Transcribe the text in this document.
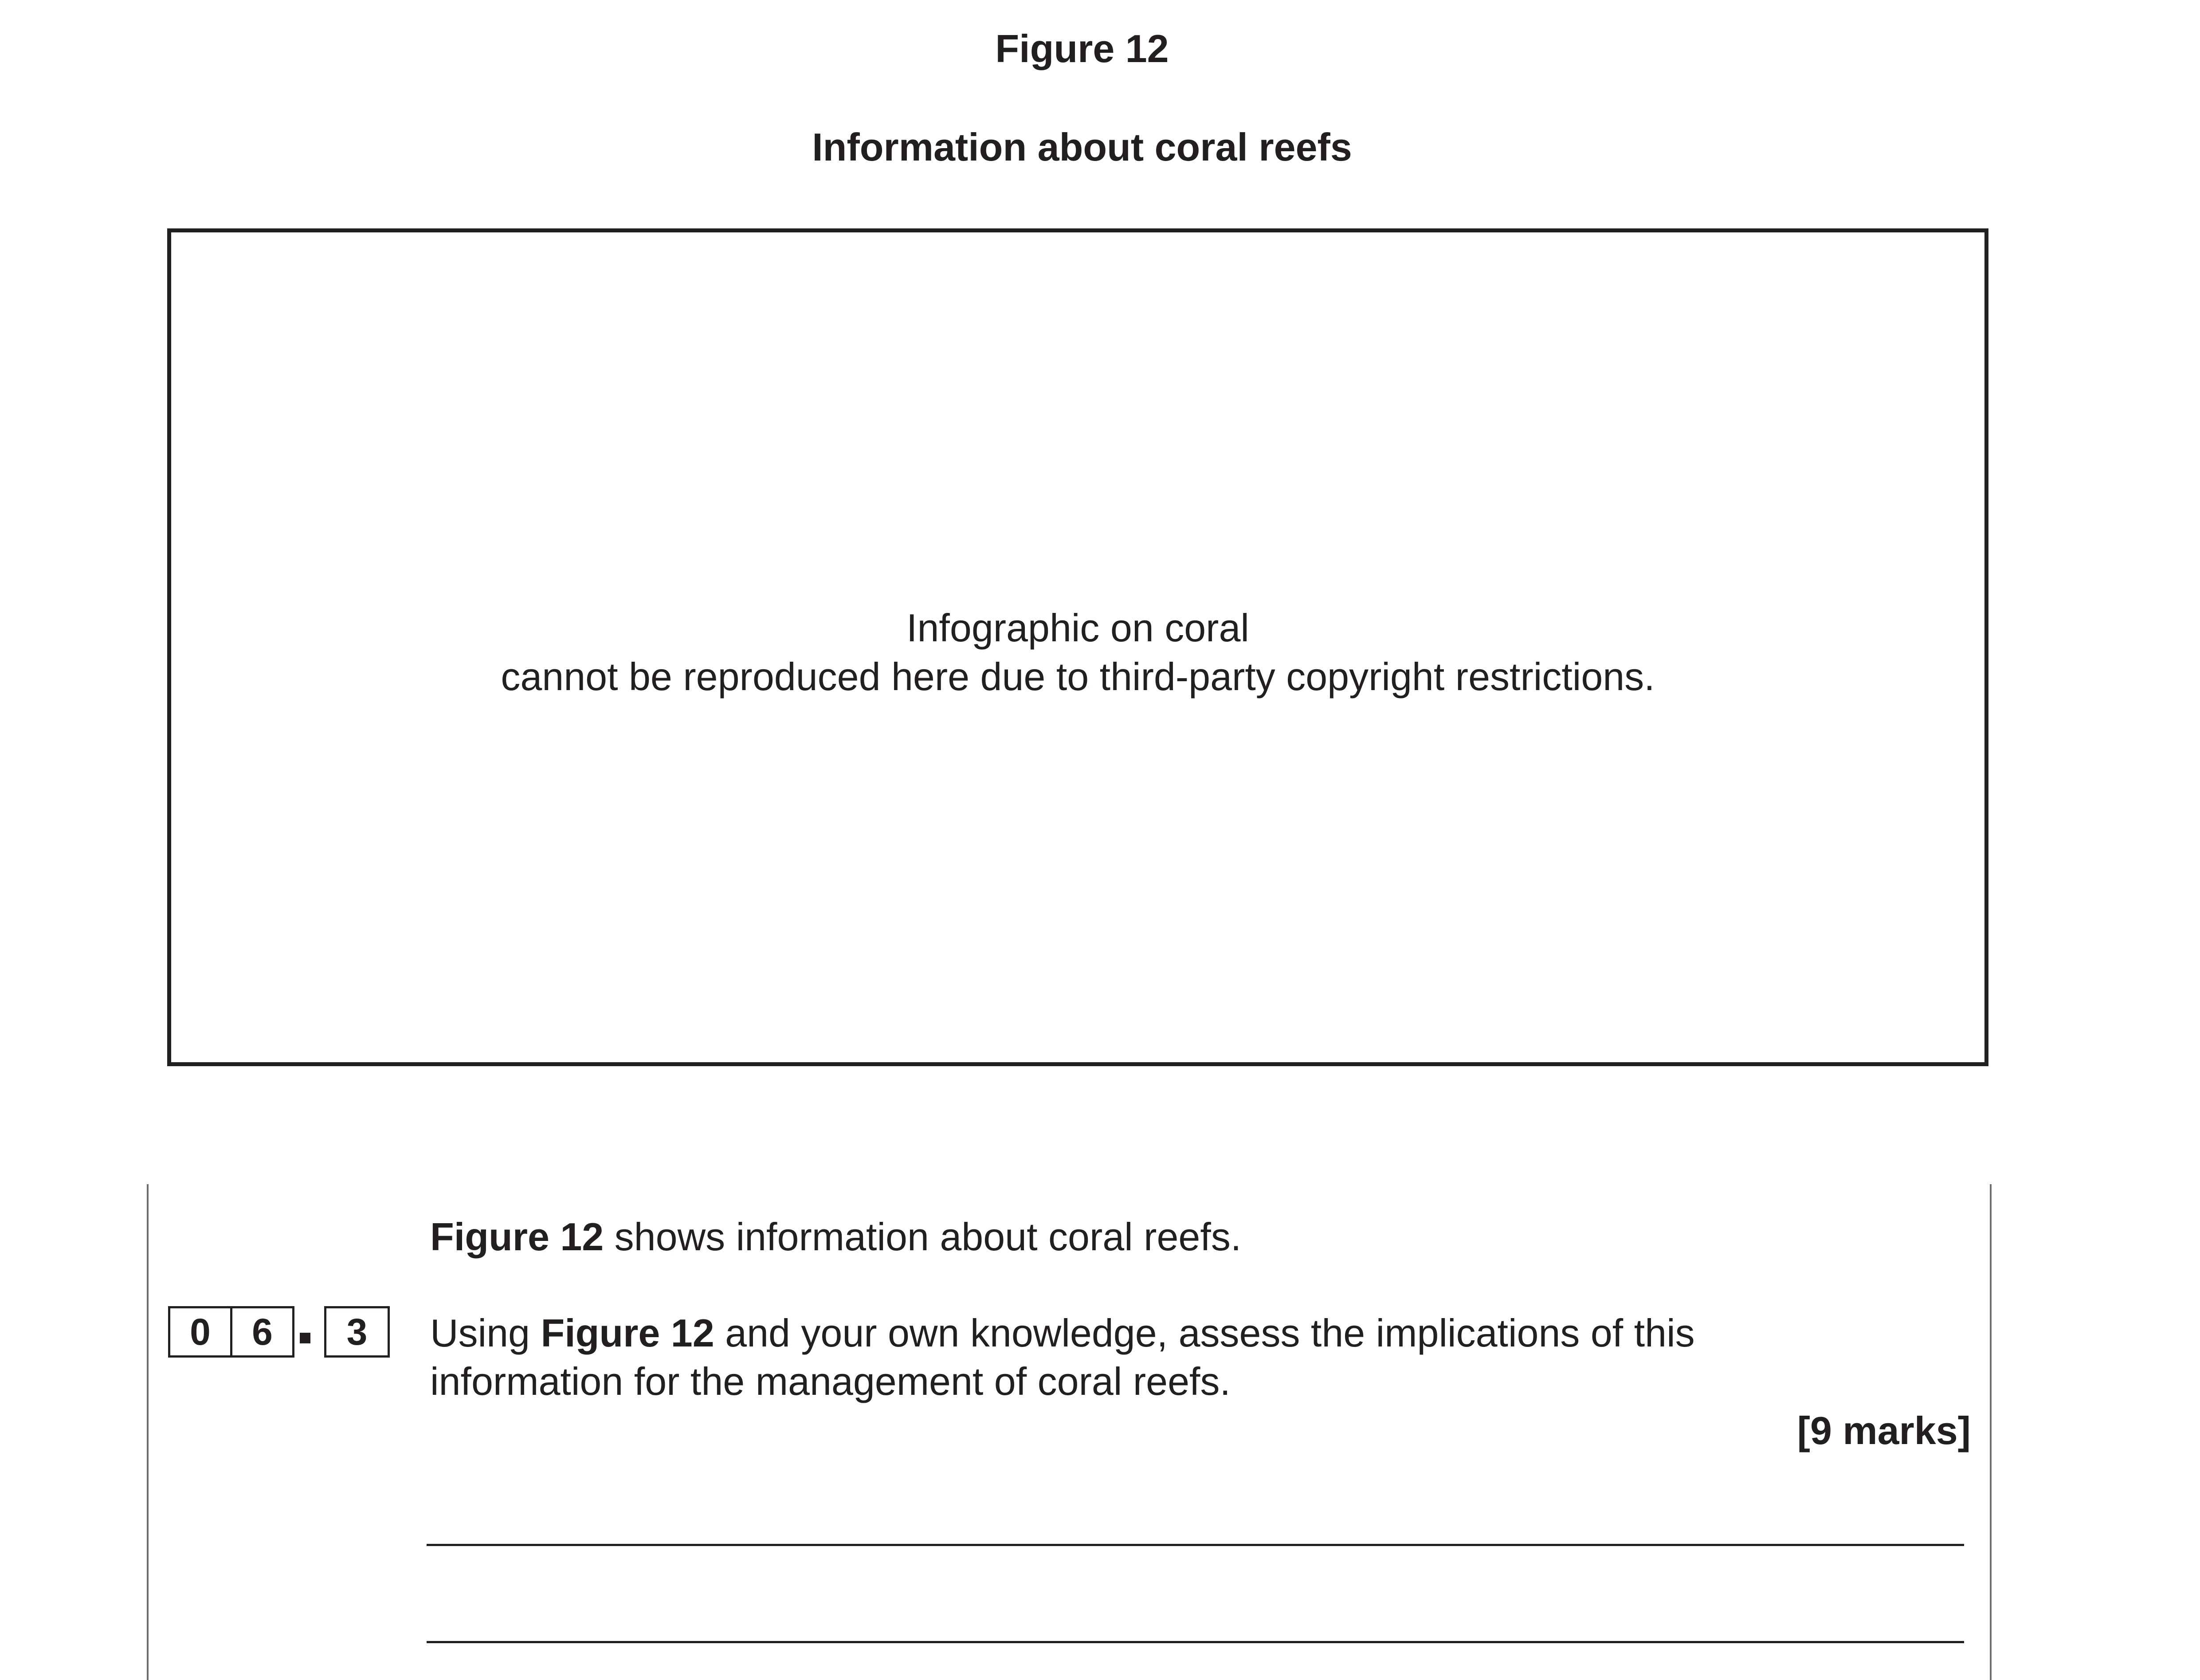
Figure 12
Information about coral reefs
Infographic on coral
cannot be reproduced here due to third-party copyright restrictions.
Figure 12 shows information about coral reefs.
0	6	3	Using Figure 12 and your own knowledge, assess the implications of this
information for the management of coral reefs.
[9 marks]
